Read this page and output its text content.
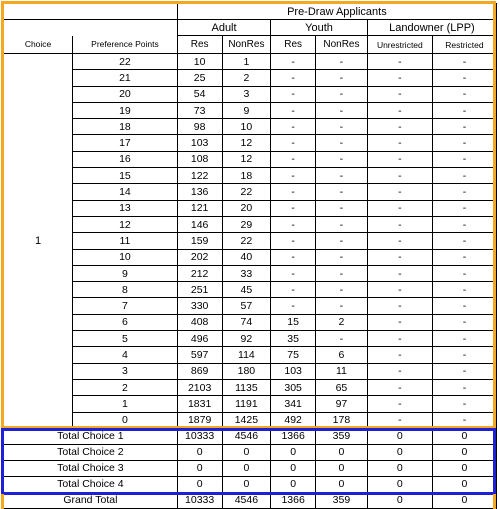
		Pre-Draw Applicants					
		Adult		Youth		Landowner (LPP)	
Choice	Preference Points	Res	NonRes	Res	NonRes	Unrestricted	Restricted
1	22	10	1	-	-	-	-
	21	25	2	-	-	-	-
	20	54	3	-	-	-	-
	19	73	9	-	-	-	-
	18	98	10	-	-	-	-
	17	103	12	-	-	-	-
	16	108	12	-	-	-	-
	15	122	18	-	-	-	-
	14	136	22	-	-	-	-
	13	121	20	-	-	-	-
	12	146	29	-	-	-	-
	11	159	22	-	-	-	-
	10	202	40	-	-	-	-
	9	212	33	-	-	-	-
	8	251	45	-	-	-	-
	7	330	57	-	-	-	-
	6	408	74	15	2	-	-
	5	496	92	35	-	-	-
	4	597	114	75	6	-	-
	3	869	180	103	11	-	-
	2	2103	1135	305	65	-	-
	1	1831	1191	341	97	-	-
	0	1879	1425	492	178	-	-
Total Choice 1		10333	4546	1366	359	0	0
Total Choice 2		0	0	0	0	0	0
Total Choice 3		0	0	0	0	0	0
Total Choice 4		0	0	0	0	0	0
Grand Total		10333	4546	1366	359	0	0
